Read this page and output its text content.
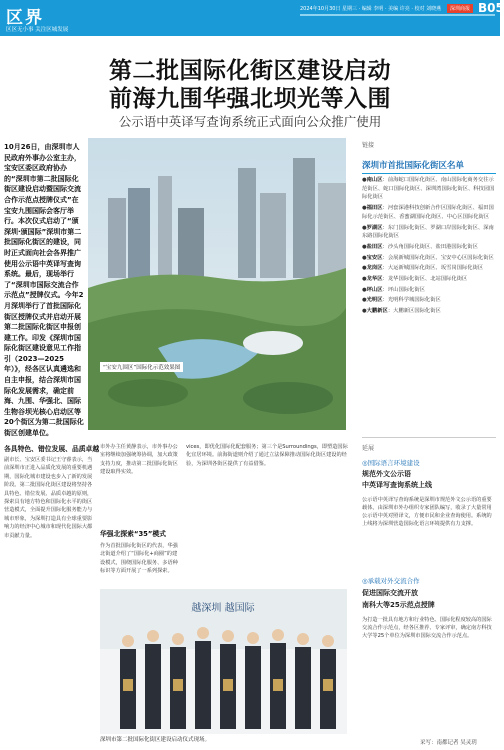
区界
区区无小事 关注区城发展
2024年10月30日 星期三 · 编辑 李明 · 美编 许亮 · 校对 刘晓燕	深圳商报 B05
第二批国际化街区建设启动
前海九围华强北坝光等入围
公示语中英译写查询系统正式面向公众推广使用
10月26日，由深圳市人民政府外事办公室主办，宝安区委区政府协办的“深圳市第二批国际化街区建设启动暨国际交流合作示范点授牌仪式”在宝安九围国际会客厅举行。本次仪式启动了“颁深圳·颁国际”深圳市第二批国际化街区的建设，同时正式面向社会各界推广使用公示语中英译写查询系统。最后，现场举行了“深圳市国际交流合作示范点”授牌仪式。今年2月深圳举行了首批国际化街区授牌仪式并启动开展第二批国际化街区申报创建工作。印发《深圳市国际化街区建设意见工作指引（2023—2025年）》，经各区认真遴选和自主申报，结合深圳市国际化发展需求，确定前海、九围、华强北、国际生物谷坝光核心启动区等20个街区为第二批国际化街区创建单位。
“宝安九围区”国际化示范效果图
链接
深圳市首批国际化街区名单
●南山区：前海蛇口国际化街区、南山国际化商务交往示范街区、蛇口国际化街区、深圳湾国际化街区、科技园国际化街区
●福田区：河套深港科技创新合作区国际化街区、福田国际化示范街区、香蜜湖国际化街区、中心区国际化街区
●罗湖区：东门国际化街区、罗湖口岸国际化街区、深南东路国际化街区
●盐田区：沙头角国际化街区、盐田港国际化街区
●宝安区：会展新城国际化街区、宝安中心区国际化街区
●龙岗区：大运新城国际化街区、坂雪岗国际化街区
●龙华区：龙华国际化街区、北站国际化街区
●坪山区：坪山国际化街区
●光明区：光明科学城国际化街区
●大鹏新区：大鹏新区国际化街区
延展
◎国际语言环境建设
规范外文公示语
中英译写查询系统上线
公示语中英译写查询系统是深圳市规范外文公示语的重要载体，由深圳市外办组织专家团队编写，收录了大量常用公示语中英对照译文，方便市民和企业查询使用。系统的上线将为深圳营造国际化语言环境提供有力支撑。
◎承载对外交流合作
促进国际交流开放
南科大等25示范点授牌
为打造一批具有地方和行业特色、国际化程度较高的国际交流合作示范点，经各区推荐、专家评审，确定南方科技大学等25个单位为深圳市国际交流合作示范点。
各具特色、错位发展、品质卓越
副市长、宝安区委书记王守睿表示，当前深圳市正进入品质化发展的重要机遇期，国际化城市建设也步入了新的发展阶段。第二批国际化街区建设将坚持各具特色、错位发展、品质卓越的原则，探索具有地方特色和国际化水平的街区营造模式，全面提升国际化服务能力与城市形象，为深圳打造具有全球重要影响力的经济中心城市和现代化国际大都市贡献力量。
市外办主任黄静表示，市外事办公室将继续加强统筹协调，加大政策支持力度，推动第二批国际化街区建设取得实效。
华强北探索“35”模式
作为首批国际化街区的代表，华强北街道介绍了“国际化+商圈”的建设模式，围绕国际化服务、多语种标识等方面开展了一系列探索。
vices，即优化国际化配套服务；第三个是Surroundings，即塑造国际化宜居环境。前海街道则介绍了通过立法保障推动国际化街区建设的经验，为深圳各街区提供了有益借鉴。
越深圳 越国际
深圳市第二批国际化街区建设启动仪式现场。	采写：南都记者 吴灵玥
